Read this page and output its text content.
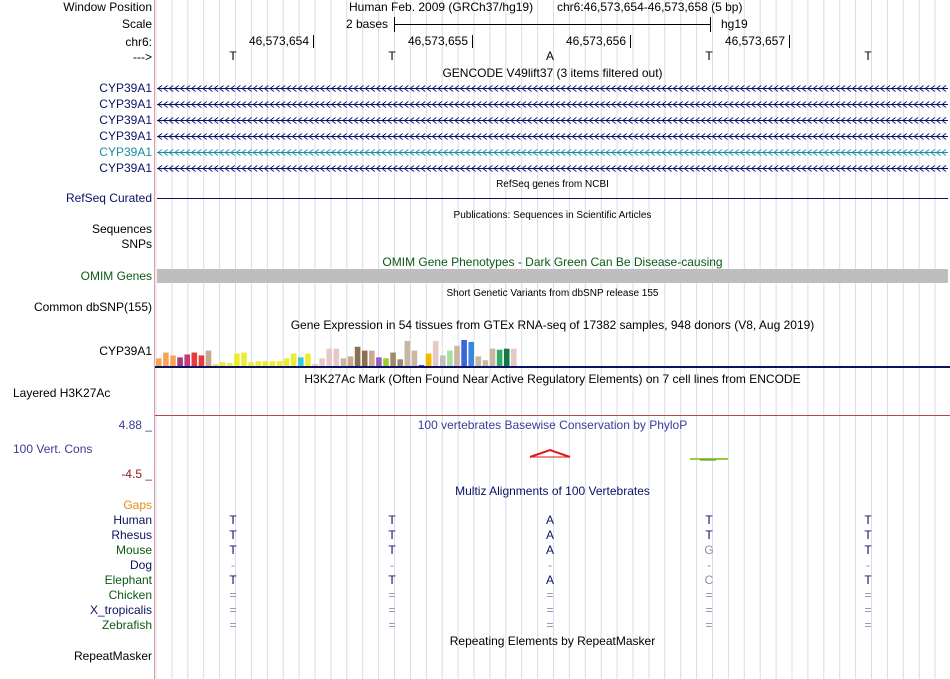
Window Position
Scale
chr6:
--->
Human Feb. 2009 (GRCh37/hg19) chr6:46,573,654-46,573,658 (5 bp)
2 bases	hg19
46,573,654	46,573,655	46,573,656	46,573,657
T	T	A	T	T
GENCODE V49lift37 (3 items filtered out)
CYP39A1
CYP39A1
CYP39A1
CYP39A1
CYP39A1
CYP39A1
RefSeq genes from NCBI
RefSeq Curated
Publications: Sequences in Scientific Articles
Sequences
SNPs
OMIM Gene Phenotypes - Dark Green Can Be Disease-causing
OMIM Genes
Short Genetic Variants from dbSNP release 155
Common dbSNP(155)
Gene Expression in 54 tissues from GTEx RNA-seq of 17382 samples, 948 donors (V8, Aug 2019)
CYP39A1
H3K27Ac Mark (Often Found Near Active Regulatory Elements) on 7 cell lines from ENCODE
Layered H3K27Ac
100 vertebrates Basewise Conservation by PhyloP
4.88 _
100 Vert. Cons
-4.5 _
Multiz Alignments of 100 Vertebrates
Gaps
Human	T	T	A	T	T
Rhesus	T	T	A	T	T
Mouse	T	T	A	G	T
Dog	-	-	-	-	-
Elephant	T	T	A	C	T
Chicken	=	=	=	=	=
X_tropicalis	=	=	=	=	=
Zebrafish	=	=	=	=	=
Repeating Elements by RepeatMasker
RepeatMasker
